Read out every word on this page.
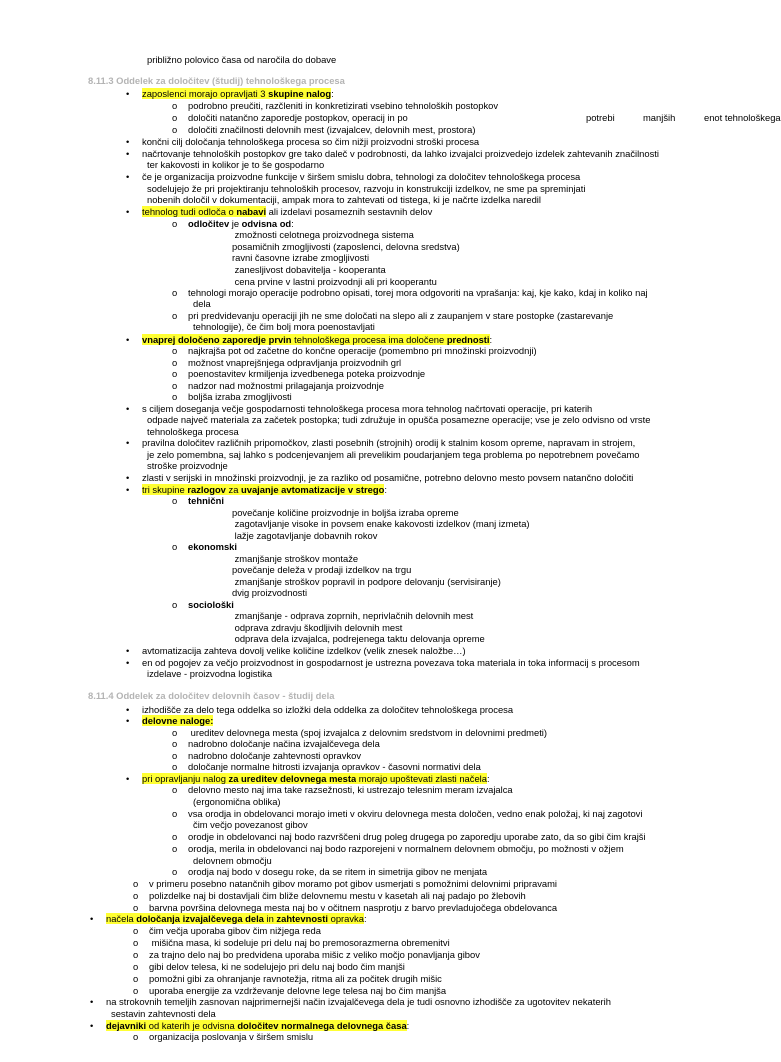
približno polovico časa od naročila do dobave
8.11.3 Oddelek za določitev (študij) tehnološkega procesa
• zaposlenci morajo opravljati 3 skupine nalog:
o podrobno preučiti, razčleniti in konkretizirati vsebino tehnoloških postopkov
o določiti natančno zaporedje postopkov, operacij in po	potrebi	manjših	enot tehnološkega
o določiti značilnosti delovnih mest (izvajalcev, delovnih mest, prostora)
• končni cilj določanja tehnološkega procesa so čim nižji proizvodni stroški procesa
• načrtovanje tehnoloških postopkov gre tako daleč v podrobnosti, da lahko izvajalci proizvedejo izdelek zahtevanih značilnosti
ter kakovosti in kolikor je to še gospodarno
• če je organizacija proizvodne funkcije v širšem smislu dobra, tehnologi za določitev tehnološkega procesa
sodelujejo že pri projektiranju tehnoloških procesov, razvoju in konstrukciji izdelkov, ne sme pa spreminjati
nobenih določil v dokumentaciji, ampak mora to zahtevati od tistega, ki je načrte izdelka naredil
• tehnolog tudi odloča o nabavi ali izdelavi posameznih sestavnih delov
o odločitev je odvisna od:
zmožnosti celotnega proizvodnega sistema
posamičnih zmogljivosti (zaposlenci, delovna sredstva)
ravni časovne izrabe zmogljivosti
zanesljivost dobavitelja - kooperanta
cena prvine v lastni proizvodnji ali pri kooperantu
o tehnologi morajo operacije podrobno opisati, torej mora odgovoriti na vprašanja: kaj, kje kako, kdaj in koliko naj
dela
o pri predvidevanju operaciji jih ne sme določati na slepo ali z zaupanjem v stare postopke (zastarevanje
tehnologije), če čim bolj mora poenostavljati
• vnaprej določeno zaporedje prvin tehnološkega procesa ima določene prednosti:
o najkrajša pot od začetne do končne operacije (pomembno pri množinski proizvodnji)
o možnost vnaprejšnjega odpravljanja proizvodnih grl
o poenostavitev krmiljenja izvedbenega poteka proizvodnje
o nadzor nad možnostmi prilagajanja proizvodnje
o boljša izraba zmogljivosti
• s ciljem doseganja večje gospodarnosti tehnološkega procesa mora tehnolog načrtovati operacije, pri katerih
odpade največ materiala za začetek postopka; tudi združuje in opušča posamezne operacije; vse je zelo odvisno od vrste
tehnološkega procesa
• pravilna določitev različnih pripomočkov, zlasti posebnih (strojnih) orodij k stalnim kosom opreme, napravam in strojem,
je zelo pomembna, saj lahko s podcenjevanjem ali prevelikim poudarjanjem tega problema po nepotrebnem povečamo
stroške proizvodnje
• zlasti v serijski in množinski proizvodnji, je za razliko od posamične, potrebno delovno mesto povsem natančno določiti
• tri skupine razlogov za uvajanje avtomatizacije v strego:
o tehnični
povečanje količine proizvodnje in boljša izraba opreme
zagotavljanje visoke in povsem enake kakovosti izdelkov (manj izmeta)
lažje zagotavljanje dobavnih rokov
o ekonomski
zmanjšanje stroškov montaže
povečanje deleža v prodaji izdelkov na trgu
zmanjšanje stroškov popravil in podpore delovanju (servisiranje)
dvig proizvodnosti
o sociološki
zmanjšanje - odprava zoprnih, neprivlačnih delovnih mest
odprava zdravju škodljivih delovnih mest
odprava dela izvajalca, podrejenega taktu delovanja opreme
• avtomatizacija zahteva dovolj velike količine izdelkov (velik znesek naložbe…)
• en od pogojev za večjo proizvodnost in gospodarnost je ustrezna povezava toka materiala in toka informacij s procesom
izdelave - proizvodna logistika
8.11.4 Oddelek za določitev delovnih časov - študij dela
• izhodišče za delo tega oddelka so izložki dela oddelka za določitev tehnološkega procesa
• delovne naloge:
o ureditev delovnega mesta (spoj izvajalca z delovnim sredstvom in delovnimi predmeti)
o nadrobno določanje načina izvajalčevega dela
o nadrobno določanje zahtevnosti opravkov
o določanje normalne hitrosti izvajanja opravkov - časovni normativi dela
• pri opravljanju nalog za ureditev delovnega mesta morajo upoštevati zlasti načela:
o delovno mesto naj ima take razsežnosti, ki ustrezajo telesnim meram izvajalca
(ergonomična oblika)
o vsa orodja in obdelovanci morajo imeti v okviru delovnega mesta določen, vedno enak položaj, ki naj zagotovi
čim večjo povezanost gibov
o orodje in obdelovanci naj bodo razvrščeni drug poleg drugega po zaporedju uporabe zato, da so gibi čim krajši
o orodja, merila in obdelovanci naj bodo razporejeni v normalnem delovnem območju, po možnosti v ožjem
delovnem območju
o orodja naj bodo v dosegu roke, da se ritem in simetrija gibov ne menjata
o v primeru posebno natančnih gibov moramo pot gibov usmerjati s pomožnimi delovnimi pripravami
o polizdelke naj bi dostavljali čim bliže delovnemu mestu v kasetah ali naj padajo po žlebovih
o barvna površina delovnega mesta naj bo v očitnem nasprotju z barvo prevladujočega obdelovanca
• načela določanja izvajalčevega dela in zahtevnosti opravka:
o čim večja uporaba gibov čim nižjega reda
o mišična masa, ki sodeluje pri delu naj bo premosorazmerna obremenitvi
o za trajno delo naj bo predvidena uporaba mišic z veliko močjo ponavljanja gibov
o gibi delov telesa, ki ne sodelujejo pri delu naj bodo čim manjši
o pomožni gibi za ohranjanje ravnotežja, ritma ali za počitek drugih mišic
o uporaba energije za vzdrževanje delovne lege telesa naj bo čim manjša
• na strokovnih temeljih zasnovan najprimernejši način izvajalčevega dela je tudi osnovno izhodišče za ugotovitev nekaterih
sestavin zahtevnosti dela
• dejavniki od katerih je odvisna določitev normalnega delovnega časa:
o organizacija poslovanja v širšem smislu
